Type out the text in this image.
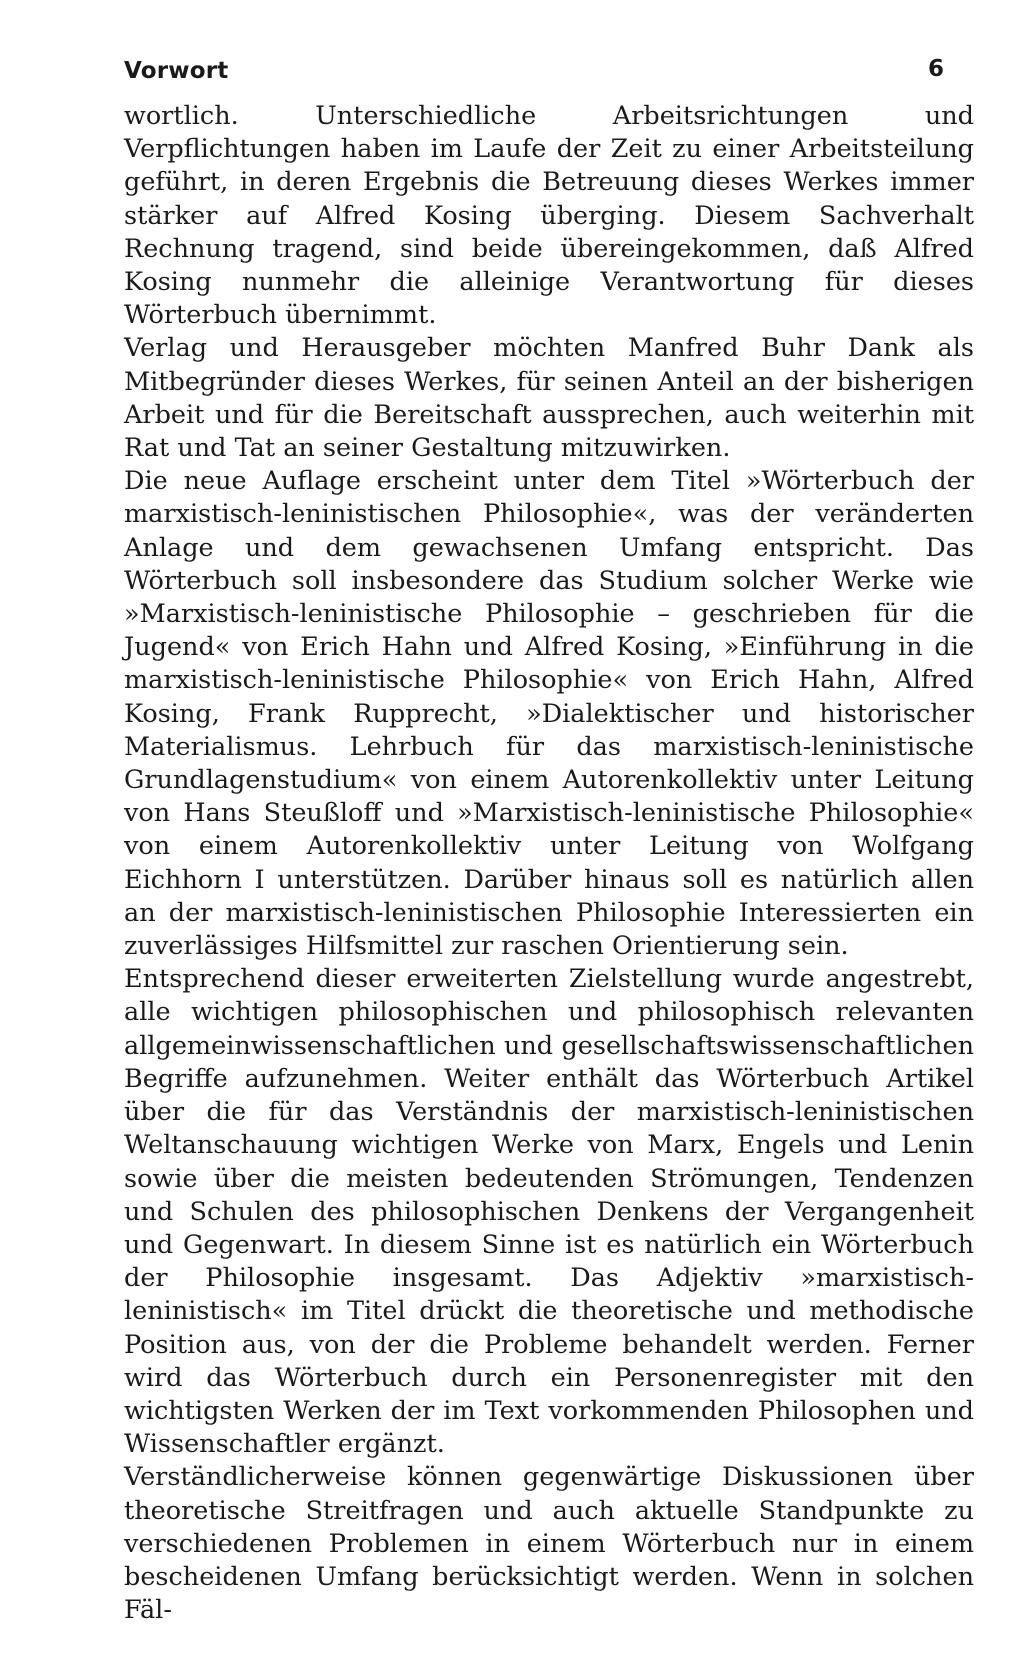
Vorwort	6

wortlich. Unterschiedliche Arbeitsrichtungen und Verpflichtungen haben im Laufe der Zeit zu einer Arbeitsteilung geführt, in deren Ergebnis die Betreuung dieses Werkes immer stärker auf Alfred Kosing überging. Diesem Sachverhalt Rechnung tragend, sind beide übereingekommen, daß Alfred Kosing nunmehr die alleinige Verantwortung für dieses Wörterbuch übernimmt.

Verlag und Herausgeber möchten Manfred Buhr Dank als Mitbegründer dieses Werkes, für seinen Anteil an der bisherigen Arbeit und für die Bereitschaft aussprechen, auch weiterhin mit Rat und Tat an seiner Gestaltung mitzuwirken.

Die neue Auflage erscheint unter dem Titel »Wörterbuch der marxistisch-leninistischen Philosophie«, was der veränderten Anlage und dem gewachsenen Umfang entspricht. Das Wörterbuch soll insbesondere das Studium solcher Werke wie »Marxistisch-leninistische Philosophie – geschrieben für die Jugend« von Erich Hahn und Alfred Kosing, »Einführung in die marxistisch-leninistische Philosophie« von Erich Hahn, Alfred Kosing, Frank Rupprecht, »Dialektischer und historischer Materialismus. Lehrbuch für das marxistisch-leninistische Grundlagenstudium« von einem Autorenkollektiv unter Leitung von Hans Steußloff und »Marxistisch-leninistische Philosophie« von einem Autorenkollektiv unter Leitung von Wolfgang Eichhorn I unterstützen. Darüber hinaus soll es natürlich allen an der marxistisch-leninistischen Philosophie Interessierten ein zuverlässiges Hilfsmittel zur raschen Orientierung sein.

Entsprechend dieser erweiterten Zielstellung wurde angestrebt, alle wichtigen philosophischen und philosophisch relevanten allgemeinwissenschaftlichen und gesellschaftswissenschaftlichen Begriffe aufzunehmen. Weiter enthält das Wörterbuch Artikel über die für das Verständnis der marxistisch-leninistischen Weltanschauung wichtigen Werke von Marx, Engels und Lenin sowie über die meisten bedeutenden Strömungen, Tendenzen und Schulen des philosophischen Denkens der Vergangenheit und Gegenwart. In diesem Sinne ist es natürlich ein Wörterbuch der Philosophie insgesamt. Das Adjektiv »marxistisch-leninistisch« im Titel drückt die theoretische und methodische Position aus, von der die Probleme behandelt werden. Ferner wird das Wörterbuch durch ein Personenregister mit den wichtigsten Werken der im Text vorkommenden Philosophen und Wissenschaftler ergänzt.

Verständlicherweise können gegenwärtige Diskussionen über theoretische Streitfragen und auch aktuelle Standpunkte zu verschiedenen Problemen in einem Wörterbuch nur in einem bescheidenen Umfang berücksichtigt werden. Wenn in solchen Fäl-
